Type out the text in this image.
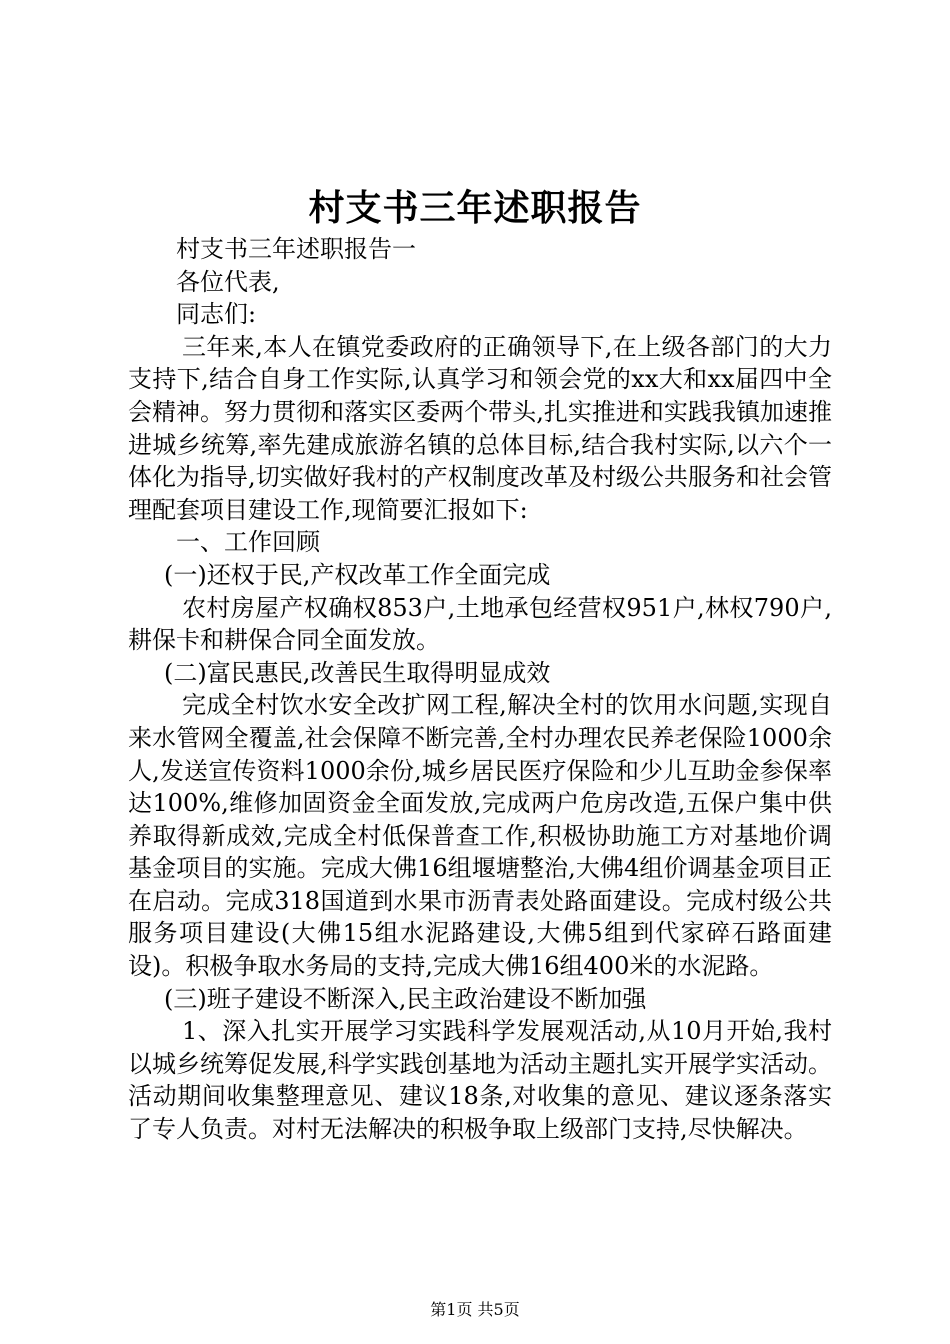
村支书三年述职报告

村支书三年述职报告一

各位代表,

同志们:

三年来,本人在镇党委政府的正确领导下,在上级各部门的大力支持下,结合自身工作实际,认真学习和领会党的xx大和xx届四中全会精神。努力贯彻和落实区委两个带头,扎实推进和实践我镇加速推进城乡统筹,率先建成旅游名镇的总体目标,结合我村实际,以六个一体化为指导,切实做好我村的产权制度改革及村级公共服务和社会管理配套项目建设工作,现简要汇报如下:

一、工作回顾

(一)还权于民,产权改革工作全面完成

农村房屋产权确权853户,土地承包经营权951户,林权790户,耕保卡和耕保合同全面发放。

(二)富民惠民,改善民生取得明显成效

完成全村饮水安全改扩网工程,解决全村的饮用水问题,实现自来水管网全覆盖,社会保障不断完善,全村办理农民养老保险1000余人,发送宣传资料1000余份,城乡居民医疗保险和少儿互助金参保率达100%,维修加固资金全面发放,完成两户危房改造,五保户集中供养取得新成效,完成全村低保普查工作,积极协助施工方对基地价调基金项目的实施。完成大佛16组堰塘整治,大佛4组价调基金项目正在启动。完成318国道到水果市沥青表处路面建设。完成村级公共服务项目建设(大佛15组水泥路建设,大佛5组到代家碎石路面建设)。积极争取水务局的支持,完成大佛16组400米的水泥路。

(三)班子建设不断深入,民主政治建设不断加强

1、深入扎实开展学习实践科学发展观活动,从10月开始,我村以城乡统筹促发展,科学实践创基地为活动主题扎实开展学实活动。活动期间收集整理意见、建议18条,对收集的意见、建议逐条落实了专人负责。对村无法解决的积极争取上级部门支持,尽快解决。

第1页 共5页
